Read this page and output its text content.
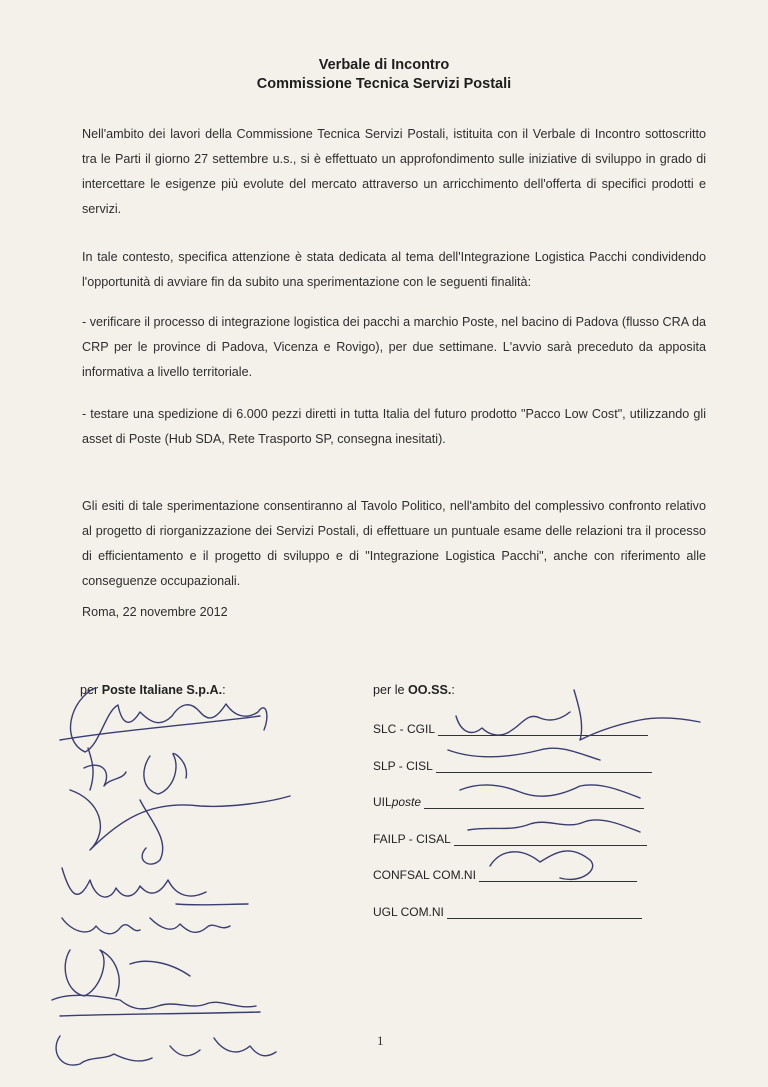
Verbale di Incontro
Commissione Tecnica Servizi Postali
Nell'ambito dei lavori della Commissione Tecnica Servizi Postali, istituita con il Verbale di Incontro sottoscritto tra le Parti il giorno 27 settembre u.s., si è effettuato un approfondimento sulle iniziative di sviluppo in grado di intercettare le esigenze più evolute del mercato attraverso un arricchimento dell'offerta di specifici prodotti e servizi.
In tale contesto, specifica attenzione è stata dedicata al tema dell'Integrazione Logistica Pacchi condividendo l'opportunità di avviare fin da subito una sperimentazione con le seguenti finalità:
- verificare il processo di integrazione logistica dei pacchi a marchio Poste, nel bacino di Padova (flusso CRA da CRP per le province di Padova, Vicenza e Rovigo), per due settimane. L'avvio sarà preceduto da apposita informativa a livello territoriale.
- testare una spedizione di 6.000 pezzi diretti in tutta Italia del futuro prodotto "Pacco Low Cost", utilizzando gli asset di Poste (Hub SDA, Rete Trasporto SP, consegna inesitati).
Gli esiti di tale sperimentazione consentiranno al Tavolo Politico, nell'ambito del complessivo confronto relativo al progetto di riorganizzazione dei Servizi Postali, di effettuare un puntuale esame delle relazioni tra il processo di efficientamento e il progetto di sviluppo e di "Integrazione Logistica Pacchi", anche con riferimento alle conseguenze occupazionali.
Roma, 22 novembre 2012
per Poste Italiane S.p.A.:	per le OO.SS.:
SLC - CGIL
SLP - CISL
UIL poste
FAILP - CISAL
CONFSAL COM.NI
UGL COM.NI
1
